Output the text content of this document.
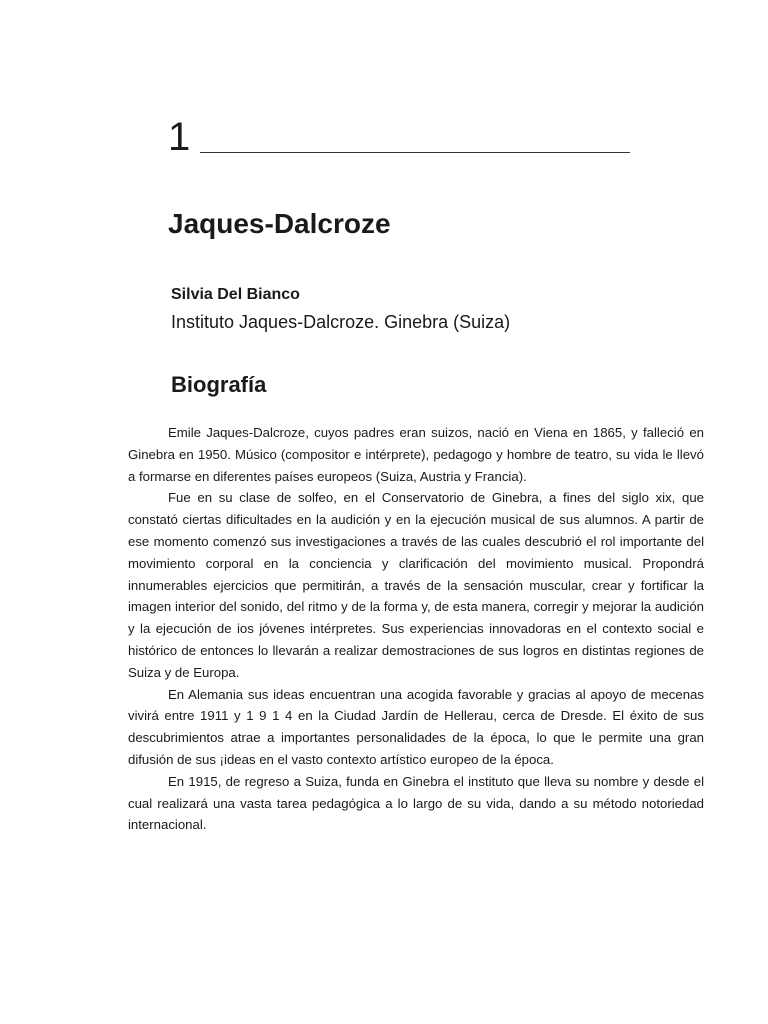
1
Jaques-Dalcroze

Silvia Del Bianco

Instituto Jaques-Dalcroze. Ginebra (Suiza)

Biografía

Emile Jaques-Dalcroze, cuyos padres eran suizos, nació en Viena en 1865, y falleció en Ginebra en 1950. Músico (compositor e intérprete), pedagogo y hombre de teatro, su vida le llevó a formarse en diferentes países europeos (Suiza, Austria y Francia).

Fue en su clase de solfeo, en el Conservatorio de Ginebra, a fines del siglo xix, que constató ciertas dificultades en la audición y en la ejecución musical de sus alumnos. A partir de ese momento comenzó sus investigaciones a través de las cuales descubrió el rol importante del movimiento corporal en la conciencia y clarificación del movimiento musical. Propondrá innumerables ejercicios que permitirán, a través de la sensación muscular, crear y fortificar la imagen interior del sonido, del ritmo y de la forma y, de esta manera, corregir y mejorar la audición y la ejecución de ios jóvenes intérpretes. Sus experiencias innovadoras en el contexto social e histórico de entonces lo llevarán a realizar demostraciones de sus logros en distintas regiones de Suiza y de Europa.

En Alemania sus ideas encuentran una acogida favorable y gracias al apoyo de mecenas vivirá entre 1911 y 1 9 1 4 en la Ciudad Jardín de Hellerau, cerca de Dresde. El éxito de sus descubrimientos atrae a importantes personalidades de la época, lo que le permite una gran difusión de sus ¡ideas en el vasto contexto artístico europeo de la época.

En 1915, de regreso a Suiza, funda en Ginebra el instituto que lleva su nombre y desde el cual realizará una vasta tarea pedagógica a lo largo de su vida, dando a su método notoriedad internacional.
